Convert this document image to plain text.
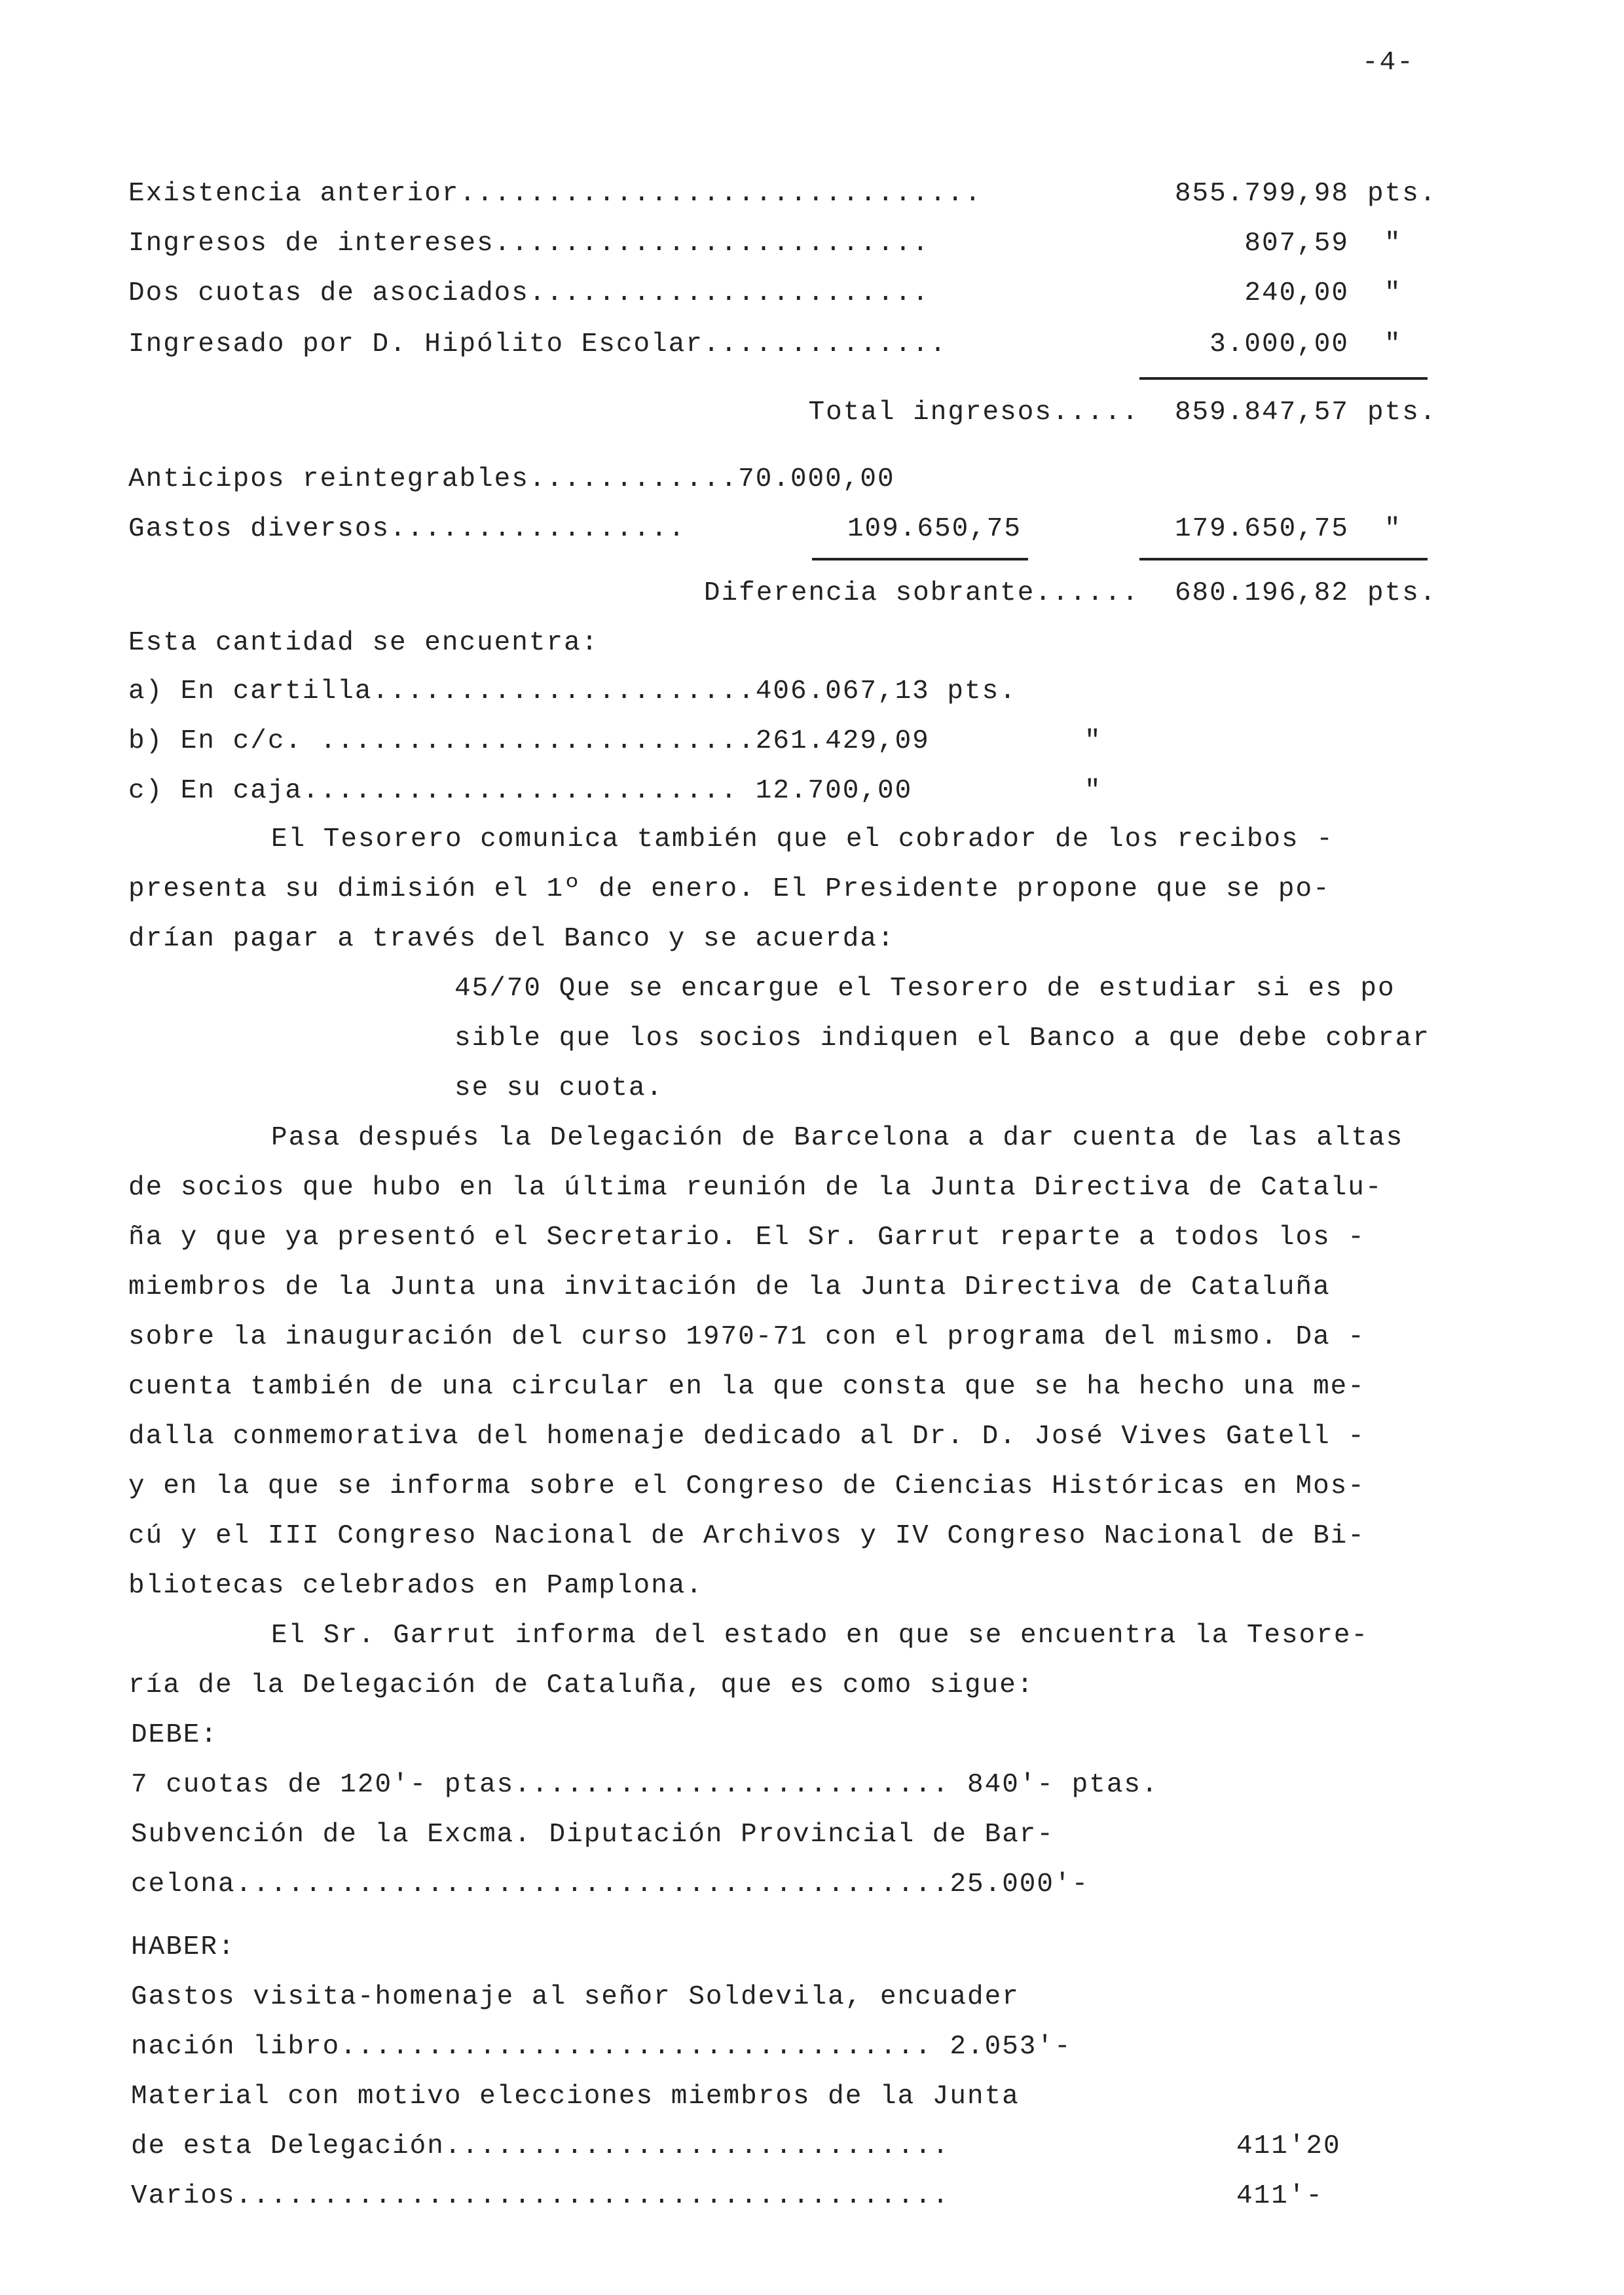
-4-
Existencia anterior..............................	855.799,98 pts.
Ingresos de intereses.........................	807,59 "
Dos cuotas de asociados.......................	240,00 "
Ingresado por D. Hipólito Escolar..............	3.000,00 "
Total ingresos..... 859.847,57 pts.
Anticipos reintegrables............70.000,00
Gastos diversos.................	109.650,75	179.650,75 "
Diferencia sobrante...... 680.196,82 pts.
Esta cantidad se encuentra:
a) En cartilla......................406.067,13 pts.
b) En c/c. .........................261.429,09	"
c) En caja......................... 12.700,00	"
El Tesorero comunica también que el cobrador de los recibos -
presenta su dimisión el 1º de enero. El Presidente propone que se po-
drían pagar a través del Banco y se acuerda:
45/70 Que se encargue el Tesorero de estudiar si es po
sible que los socios indiquen el Banco a que debe cobrar
se su cuota.
Pasa después la Delegación de Barcelona a dar cuenta de las altas
de socios que hubo en la última reunión de la Junta Directiva de Catalu-
ña y que ya presentó el Secretario. El Sr. Garrut reparte a todos los -
miembros de la Junta una invitación de la Junta Directiva de Cataluña
sobre la inauguración del curso 1970-71 con el programa del mismo. Da -
cuenta también de una circular en la que consta que se ha hecho una me-
dalla conmemorativa del homenaje dedicado al Dr. D. José Vives Gatell -
y en la que se informa sobre el Congreso de Ciencias Históricas en Mos-
cú y el III Congreso Nacional de Archivos y IV Congreso Nacional de Bi-
bliotecas celebrados en Pamplona.
El Sr. Garrut informa del estado en que se encuentra la Tesore-
ría de la Delegación de Cataluña, que es como sigue:
DEBE:
7 cuotas de 120'- ptas......................... 840'- ptas.
Subvención de la Excma. Diputación Provincial de Bar-
celona.........................................25.000'-
HABER:
Gastos visita-homenaje al señor Soldevila, encuader
nación libro.................................. 2.053'-
Material con motivo elecciones miembros de la Junta
de esta Delegación.............................	411'20
Varios.........................................	411'-
